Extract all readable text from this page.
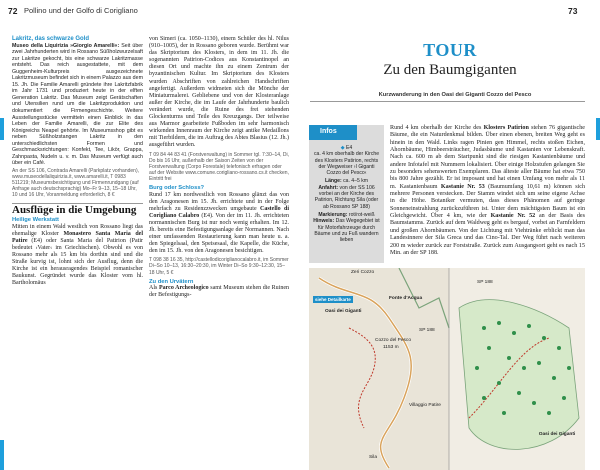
72 Pollino und der Golfo di Corigliano	73

Lakritz, das schwarze Gold

Museo della Liquirizia »Giorgio Amarelli«: Seit über zwei Jahrhunderten wird in Rossano Süßholzwurzelsaft zur Lakritze gekocht, bis eine schwarze Lakritzmasse entsteht. Das reich ausgestattete, mit dem Guggenheim-Kulturpreis ausgezeichnete Lakritzmuseum befindet sich in einem Palazzo aus dem 15. Jh. Die Familie Amarelli gründete ihre Lakritzfabrik im Jahr 1731 und produziert heute in der elften Generation Lakritz. Das Museum zeigt Gerätschaften und Utensilien rund um die Lakritzproduktion und dokumentiert die Firmengeschichte. Weitere Ausstellungsstücke vermitteln einen Einblick in das Leben der Familie Amarelli, die zur Elite des Königreichs Neapel gehörte. Im Museumsshop gibt es neben Süßholzstangen Lakritz in den unterschiedlichsten Formen und Geschmacksrichtungen: Konfekt, Tee, Likör, Grappa, Zahnpasta, Nudeln u. v. m. Das Museum verfügt auch über ein Café.

An der SS 106, Contrada Amarelli (Parkplatz vorhanden), www.museodellaliquirizia.it, www.amarelli.it, T 0983 511219; Museumsbesichtigung und Firmenrundgang (auf Anfrage auch deutschsprachig) Mo–Fr 9–13, 15–18 Uhr, 10 und 16 Uhr, Voranmeldung erforderlich, 8 €

Ausflüge in die Umgebung

Heilige Werkstatt

Mitten in einem Wald westlich von Rossano liegt das ehemalige Kloster Monastero Santa Maria del Patire (E4) oder Santa Maria del Patirion (Patir bedeutet ›Vater‹ im Griechischen). Obwohl es von Rossano mehr als 15 km bis dorthin sind und die Straße kurvig ist, lohnt sich der Ausflug, denn die Kirche ist ein herausragendes Beispiel romanischer Baukunst. Gegründet wurde das Kloster vom hl. Bartholomäus

von Simeri (ca. 1050–1130), einem Schüler des hl. Nilus (910–1005), der in Rossano geboren wurde. Berühmt war das Skriptorium des Klosters, in dem im 11. Jh. die sogenannten Patirion-Codices aus Konstantinopel an diesen Ort und machte ihn zu einem Zentrum der byzantinischen Kultur. Im Skriptorium des Klosters wurden Abschriften von zahlreichen Handschriften angefertigt. Außerdem widmeten sich die Mönche der Miniaturmalerei. Gebliebene und von der Klosteranlage außer der Kirche, die im Laufe der Jahrhunderte baulich verändert wurde, die Ruine des frei stehenden Glockenturms und Teile des Kreuzgangs. Der teilweise aus Marmor gearbeitete Fußboden im sehr harmonisch wirkenden Innenraum der Kirche zeigt antike Medaillons mit Tierbildern, die im Auftrag des Abtes Blasius (12. Jh.) ausgeführt wurden.

T 09 84 44 83 41 (Forstverwaltung) in Sommer tgl. 7:30–14, Di, Do bis 16 Uhr, außerhalb der Saison Zeiten von der Forstverwaltung (Corpo Forestale) telefonisch erfragen oder auf der Website www.comune.corigliano-rossano.cs.it checken, Eintritt frei

Burg oder Schloss?

Rund 17 km nordwestlich von Rossano glänzt das von den Aragonesen im 15. Jh. errichtete und in der Folge mehrfach zu Residenzzwecken umgebaute Castello di Corigliano Calabro (E4). Von der im 11. Jh. errichteten normannischen Burg ist nur noch wenig erhalten. Im 12. Jh. bereits eine Befestigungsanlage der Normannen. Nach einer umfassenden Restaurierung kann man heute u. a. den Spiegelsaal, den Speisesaal, die Kapelle, die Küche, den im 15. Jh. von den Aragonesen besichtigen.

T 098 38 16 35, http://castellodicoriglianocalabro.it, im Sommer Di–So 10–13, 16:30–20:30, im Winter Di–So 9:30–12:30, 15–18 Uhr, 5 €

Zu den Urvätern

Als Parco Archeologico samt Museum stehen die Ruinen der Befestigungs-

TOUR
Zu den Baumgiganten
Kurzwanderung in den Oasi dei Giganti Cozzo del Pesco
Infos

◆ E4

ca. 4 km oberhalb der Kirche des Klosters Patirion, rechts der Wegweiser ›I Giganti Cozzo del Pesco‹

Länge: ca. 4–5 km

Anfahrt: von der SS 106 vorbei an der Kirche des Patirion, Richtung Sila (oder ab Rossano SP 188)

Markierung: rot/rot-weiß

Hinweis: Das Wegegebiet ist für Motorfahrzeuge durch Bäume und zu Fuß wandern lieben

Rund 4 km oberhalb der Kirche des Klosters Patirion stehen 76 gigantische Bäume, die ein Naturdenkmal bilden. Über einen ebenen, breiten Weg geht es hinein in den Wald. Links ragen Pinien gen Himmel, rechts stoßen Eichen, Ahornbäume, Himbeersträucher, Judasbäume und Kastanien vor Lebenskraft. Nach ca. 600 m ab dem Startpunkt sind die riesigen Kastanienbäume und andere Infotafel mit Nummern lokalisiert. Über einige Holzstufen gelangen Sie zu besonders sehenswerten Exemplaren. Das älteste aller Bäume hat etwa 750 bis 800 Jahre gezählt. Er ist imposant und hat einen Umfang von mehr als 11 m. Kastanienbaum Kastanie Nr. 53 (Baumumfang 10,61 m) können sich mehrere Personen verstecken. Der Stamm windet sich um seine eigene Achse in die Höhe. Botaniker vermuten, dass dieses Phänomen auf geringe Sonneneinstrahlung zurückzuführen ist. Unter dem mächtigsten Baum ist ein Gleichgewicht. Über 4 km, wie der Kastanie Nr. 52 an der Basis des Baumstamms. Zurück auf dem Waldweg geht es bergauf, vorbei an Farnfeldern und großen Ahornbäumen. Von der Lichtung mit Viehtränke erblickt man das Landesinnere der Sila Greca und das Cino-Tal. Der Weg führt nach weiteren 200 m wieder zurück zur Forststraße. Zurück zum Ausgangsort geht es nach 15 Min. an der SP 188.
siehe Detailkarte
Oasi dei Giganti
Fonte d'Acqua
Cozzo del Pesco
1153 m
Villaggio Patire
Sila
SP 188
SP 188
Zeri Cozzo
Oasi dei Giganti
